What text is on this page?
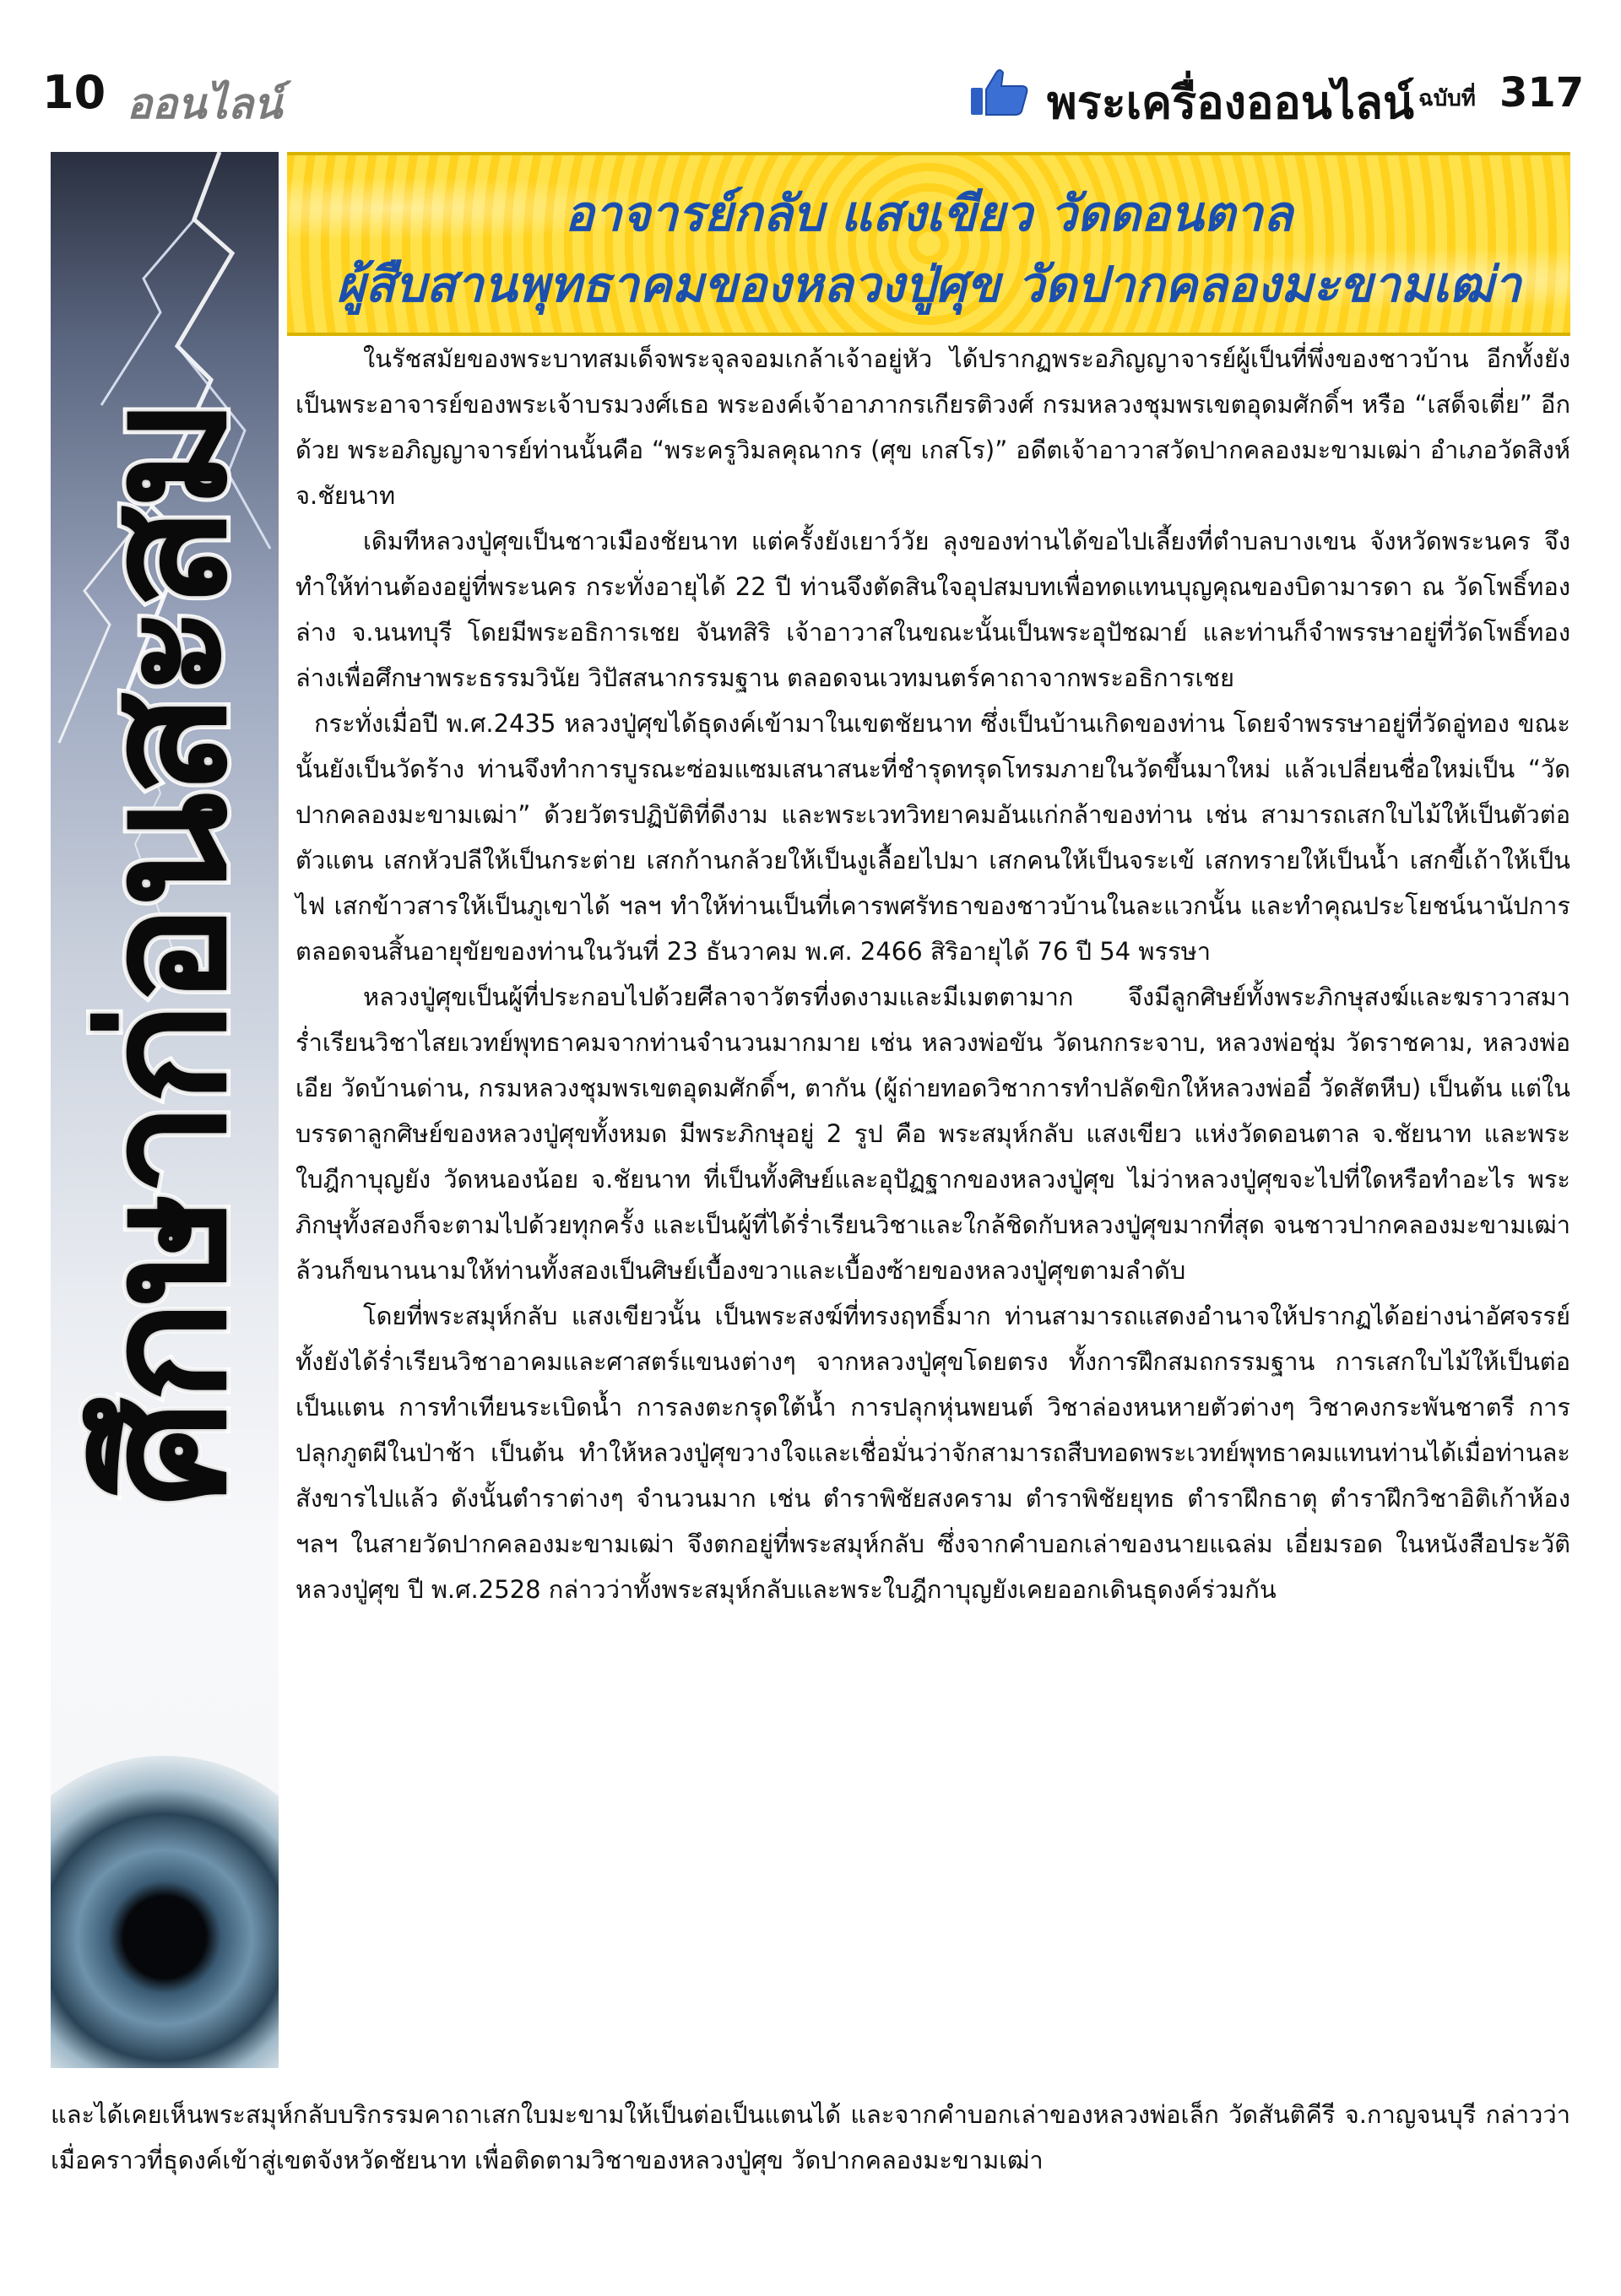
10 ออนไลน์	พระเครื่องออนไลน์ ฉบับที่ 317
ศึกษาก่อนสะสม
อาจารย์กลับ แสงเขียว วัดดอนตาล
ผู้สืบสานพุทธาคมของหลวงปู่ศุข วัดปากคลองมะขามเฒ่า

ในรัชสมัยของพระบาทสมเด็จพระจุลจอมเกล้าเจ้าอยู่หัว ได้ปรากฏพระอภิญญาจารย์ผู้เป็นที่พึ่งของชาวบ้าน อีกทั้งยังเป็นพระอาจารย์ของพระเจ้าบรมวงศ์เธอ พระองค์เจ้าอาภากรเกียรติวงศ์ กรมหลวงชุมพรเขตอุดมศักดิ์ฯ หรือ “เสด็จเตี่ย” อีกด้วย พระอภิญญาจารย์ท่านนั้นคือ “พระครูวิมลคุณากร (ศุข เกสโร)” อดีตเจ้าอาวาสวัดปากคลองมะขามเฒ่า อำเภอวัดสิงห์ จ.ชัยนาท

เดิมทีหลวงปู่ศุขเป็นชาวเมืองชัยนาท แต่ครั้งยังเยาว์วัย ลุงของท่านได้ขอไปเลี้ยงที่ตำบลบางเขน จังหวัดพระนคร จึงทำให้ท่านต้องอยู่ที่พระนคร กระทั่งอายุได้ 22 ปี ท่านจึงตัดสินใจอุปสมบทเพื่อทดแทนบุญคุณของบิดามารดา ณ วัดโพธิ์ทองล่าง จ.นนทบุรี โดยมีพระอธิการเชย จันทสิริ เจ้าอาวาสในขณะนั้นเป็นพระอุปัชฌาย์ และท่านก็จำพรรษาอยู่ที่วัดโพธิ์ทองล่างเพื่อศึกษาพระธรรมวินัย วิปัสสนากรรมฐาน ตลอดจนเวทมนตร์คาถาจากพระอธิการเชย

กระทั่งเมื่อปี พ.ศ.2435 หลวงปู่ศุขได้ธุดงค์เข้ามาในเขตชัยนาท ซึ่งเป็นบ้านเกิดของท่าน โดยจำพรรษาอยู่ที่วัดอู่ทอง ขณะนั้นยังเป็นวัดร้าง ท่านจึงทำการบูรณะซ่อมแซมเสนาสนะที่ชำรุดทรุดโทรมภายในวัดขึ้นมาใหม่ แล้วเปลี่ยนชื่อใหม่เป็น “วัดปากคลองมะขามเฒ่า” ด้วยวัตรปฏิบัติที่ดีงาม และพระเวทวิทยาคมอันแก่กล้าของท่าน เช่น สามารถเสกใบไม้ให้เป็นตัวต่อตัวแตน เสกหัวปลีให้เป็นกระต่าย เสกก้านกล้วยให้เป็นงูเลื้อยไปมา เสกคนให้เป็นจระเข้ เสกทรายให้เป็นน้ำ เสกขี้เถ้าให้เป็นไฟ เสกข้าวสารให้เป็นภูเขาได้ ฯลฯ ทำให้ท่านเป็นที่เคารพศรัทธาของชาวบ้านในละแวกนั้น และทำคุณประโยชน์นานัปการตลอดจนสิ้นอายุขัยของท่านในวันที่ 23 ธันวาคม พ.ศ. 2466 สิริอายุได้ 76 ปี 54 พรรษา

หลวงปู่ศุขเป็นผู้ที่ประกอบไปด้วยศีลาจาวัตรที่งดงามและมีเมตตามาก จึงมีลูกศิษย์ทั้งพระภิกษุสงฆ์และฆราวาสมาร่ำเรียนวิชาไสยเวทย์พุทธาคมจากท่านจำนวนมากมาย เช่น หลวงพ่อขัน วัดนกกระจาบ, หลวงพ่อชุ่ม วัดราชคาม, หลวงพ่อเอีย วัดบ้านด่าน, กรมหลวงชุมพรเขตอุดมศักดิ์ฯ, ตากัน (ผู้ถ่ายทอดวิชาการทำปลัดขิกให้หลวงพ่ออี๋ วัดสัตหีบ) เป็นต้น แต่ในบรรดาลูกศิษย์ของหลวงปู่ศุขทั้งหมด มีพระภิกษุอยู่ 2 รูป คือ พระสมุห์กลับ แสงเขียว แห่งวัดดอนตาล จ.ชัยนาท และพระใบฎีกาบุญยัง วัดหนองน้อย จ.ชัยนาท ที่เป็นทั้งศิษย์และอุปัฏฐากของหลวงปู่ศุข ไม่ว่าหลวงปู่ศุขจะไปที่ใดหรือทำอะไร พระภิกษุทั้งสองก็จะตามไปด้วยทุกครั้ง และเป็นผู้ที่ได้ร่ำเรียนวิชาและใกล้ชิดกับหลวงปู่ศุขมากที่สุด จนชาวปากคลองมะขามเฒ่าล้วนก็ขนานนามให้ท่านทั้งสองเป็นศิษย์เบื้องขวาและเบื้องซ้ายของหลวงปู่ศุขตามลำดับ

โดยที่พระสมุห์กลับ แสงเขียวนั้น เป็นพระสงฆ์ที่ทรงฤทธิ์มาก ท่านสามารถแสดงอำนาจให้ปรากฏได้อย่างน่าอัศจรรย์ ทั้งยังได้ร่ำเรียนวิชาอาคมและศาสตร์แขนงต่างๆ จากหลวงปู่ศุขโดยตรง ทั้งการฝึกสมถกรรมฐาน การเสกใบไม้ให้เป็นต่อเป็นแตน การทำเทียนระเบิดน้ำ การลงตะกรุดใต้น้ำ การปลุกหุ่นพยนต์ วิชาล่องหนหายตัวต่างๆ วิชาคงกระพันชาตรี การปลุกภูตผีในป่าช้า เป็นต้น ทำให้หลวงปู่ศุขวางใจและเชื่อมั่นว่าจักสามารถสืบทอดพระเวทย์พุทธาคมแทนท่านได้เมื่อท่านละสังขารไปแล้ว ดังนั้นตำราต่างๆ จำนวนมาก เช่น ตำราพิชัยสงคราม ตำราพิชัยยุทธ ตำราฝึกธาตุ ตำราฝึกวิชาอิติเก้าห้อง ฯลฯ ในสายวัดปากคลองมะขามเฒ่า จึงตกอยู่ที่พระสมุห์กลับ ซึ่งจากคำบอกเล่าของนายแฉล่ม เอี่ยมรอด ในหนังสือประวัติหลวงปู่ศุข ปี พ.ศ.2528 กล่าวว่าทั้งพระสมุห์กลับและพระใบฎีกาบุญยังเคยออกเดินธุดงค์ร่วมกัน

และได้เคยเห็นพระสมุห์กลับบริกรรมคาถาเสกใบมะขามให้เป็นต่อเป็นแตนได้ และจากคำบอกเล่าของหลวงพ่อเล็ก วัดสันติคีรี จ.กาญจนบุรี กล่าวว่า เมื่อคราวที่ธุดงค์เข้าสู่เขตจังหวัดชัยนาท เพื่อติดตามวิชาของหลวงปู่ศุข วัดปากคลองมะขามเฒ่า
